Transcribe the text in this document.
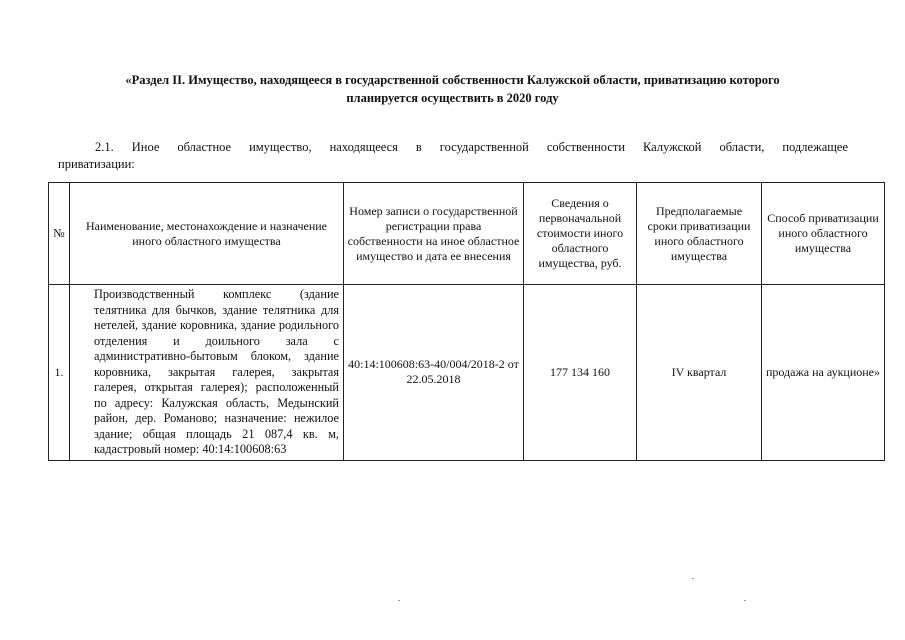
«Раздел II. Имущество, находящееся в государственной собственности Калужской области, приватизацию которого
планируется осуществить в 2020 году
2.1. Иное областное имущество, находящееся в государственной собственности Калужской области, подлежащее
приватизации:
№	Наименование, местонахождение и назначение иного областного имущества	Номер записи о государственной регистрации права собственности на иное областное имущество и дата ее внесения	Сведения о первоначальной стоимости иного областного имущества, руб.	Предполагаемые сроки приватизации иного областного имущества	Способ приватизации иного областного имущества
1.	Производственный комплекс (здание телятника для бычков, здание телятника для нетелей, здание коровника, здание родильного отделения и доильного зала с административно-бытовым блоком, здание коровника, закрытая галерея, закрытая галерея, открытая галерея); расположенный по адресу: Калужская область, Медынский район, дер. Романово; назначение: нежилое здание; общая площадь 21 087,4 кв. м, кадастровый номер: 40:14:100608:63	40:14:100608:63-40/004/2018-2 от 22.05.2018	177 134 160	IV квартал	продажа на аукционе»
